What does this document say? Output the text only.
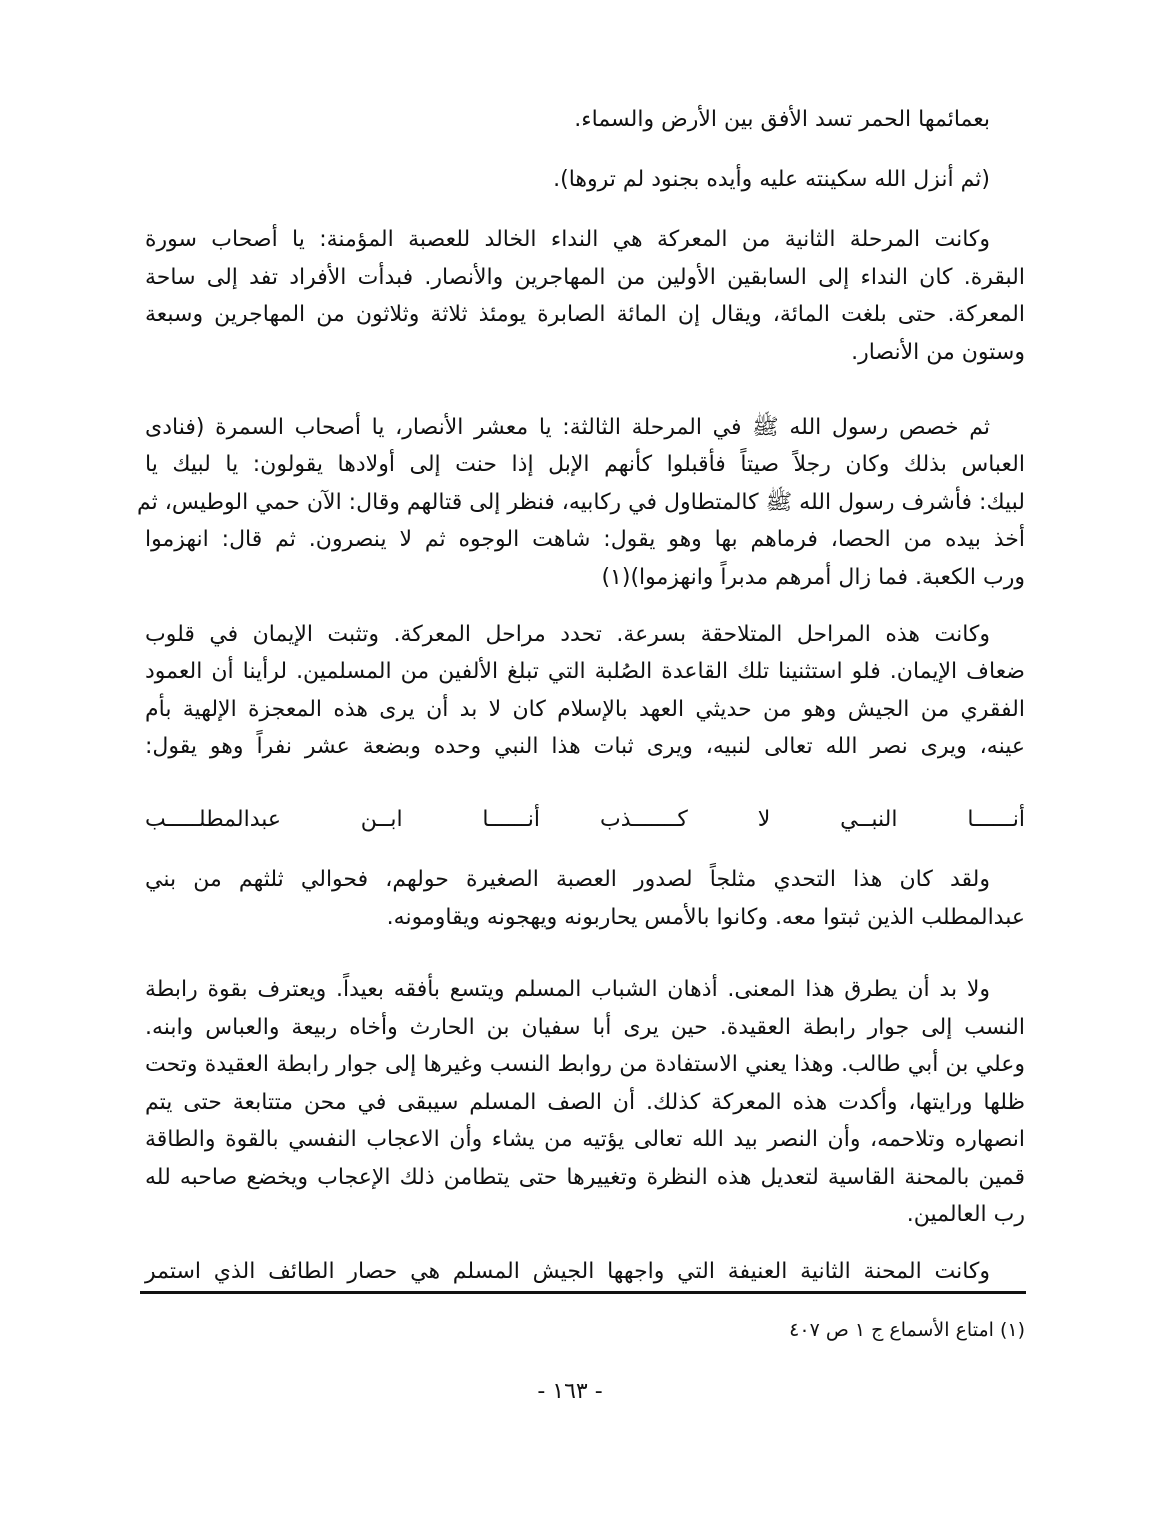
بعمائمها الحمر تسد الأفق بين الأرض والسماء.
(ثم أنزل الله سكينته عليه وأيده بجنود لم تروها).
وكانت المرحلة الثانية من المعركة هي النداء الخالد للعصبة المؤمنة: يا أصحاب سورة
البقرة. كان النداء إلى السابقين الأولين من المهاجرين والأنصار. فبدأت الأفراد تفد إلى ساحة
المعركة. حتى بلغت المائة، ويقال إن المائة الصابرة يومئذ ثلاثة وثلاثون من المهاجرين وسبعة
وستون من الأنصار.
ثم خصص رسول الله ﷺ في المرحلة الثالثة: يا معشر الأنصار، يا أصحاب السمرة (فنادى
العباس بذلك وكان رجلاً صيتاً فأقبلوا كأنهم الإبل إذا حنت إلى أولادها يقولون: يا لبيك يا
لبيك: فأشرف رسول الله ﷺ كالمتطاول في ركابيه، فنظر إلى قتالهم وقال: الآن حمي الوطيس، ثم
أخذ بيده من الحصا، فرماهم بها وهو يقول: شاهت الوجوه ثم لا ينصرون. ثم قال: انهزموا
ورب الكعبة. فما زال أمرهم مدبراً وانهزموا)(١)
وكانت هذه المراحل المتلاحقة بسرعة. تحدد مراحل المعركة. وتثبت الإيمان في قلوب
ضعاف الإيمان. فلو استثنينا تلك القاعدة الصُلبة التي تبلغ الألفين من المسلمين. لرأينا أن العمود
الفقري من الجيش وهو من حديثي العهد بالإسلام كان لا بد أن يرى هذه المعجزة الإلهية بأم
عينه، ويرى نصر الله تعالى لنبيه، ويرى ثبات هذا النبي وحده وبضعة عشر نفراً وهو يقول:
أنــــــا النبــي لا كـــــــذب
أنــــــا ابــن عبدالمطلـــــب
ولقد كان هذا التحدي مثلجاً لصدور العصبة الصغيرة حولهم، فحوالي ثلثهم من بني
عبدالمطلب الذين ثبتوا معه. وكانوا بالأمس يحاربونه ويهجونه ويقاومونه.
ولا بد أن يطرق هذا المعنى. أذهان الشباب المسلم ويتسع بأفقه بعيداً. ويعترف بقوة رابطة
النسب إلى جوار رابطة العقيدة. حين يرى أبا سفيان بن الحارث وأخاه ربيعة والعباس وابنه.
وعلي بن أبي طالب. وهذا يعني الاستفادة من روابط النسب وغيرها إلى جوار رابطة العقيدة وتحت
ظلها ورايتها، وأكدت هذه المعركة كذلك. أن الصف المسلم سيبقى في محن متتابعة حتى يتم
انصهاره وتلاحمه، وأن النصر بيد الله تعالى يؤتيه من يشاء وأن الاعجاب النفسي بالقوة والطاقة
قمين بالمحنة القاسية لتعديل هذه النظرة وتغييرها حتى يتطامن ذلك الإعجاب ويخضع صاحبه لله
رب العالمين.
وكانت المحنة الثانية العنيفة التي واجهها الجيش المسلم هي حصار الطائف الذي استمر
(١) امتاع الأسماع ج ١ ص ٤٠٧
- ١٦٣ -
